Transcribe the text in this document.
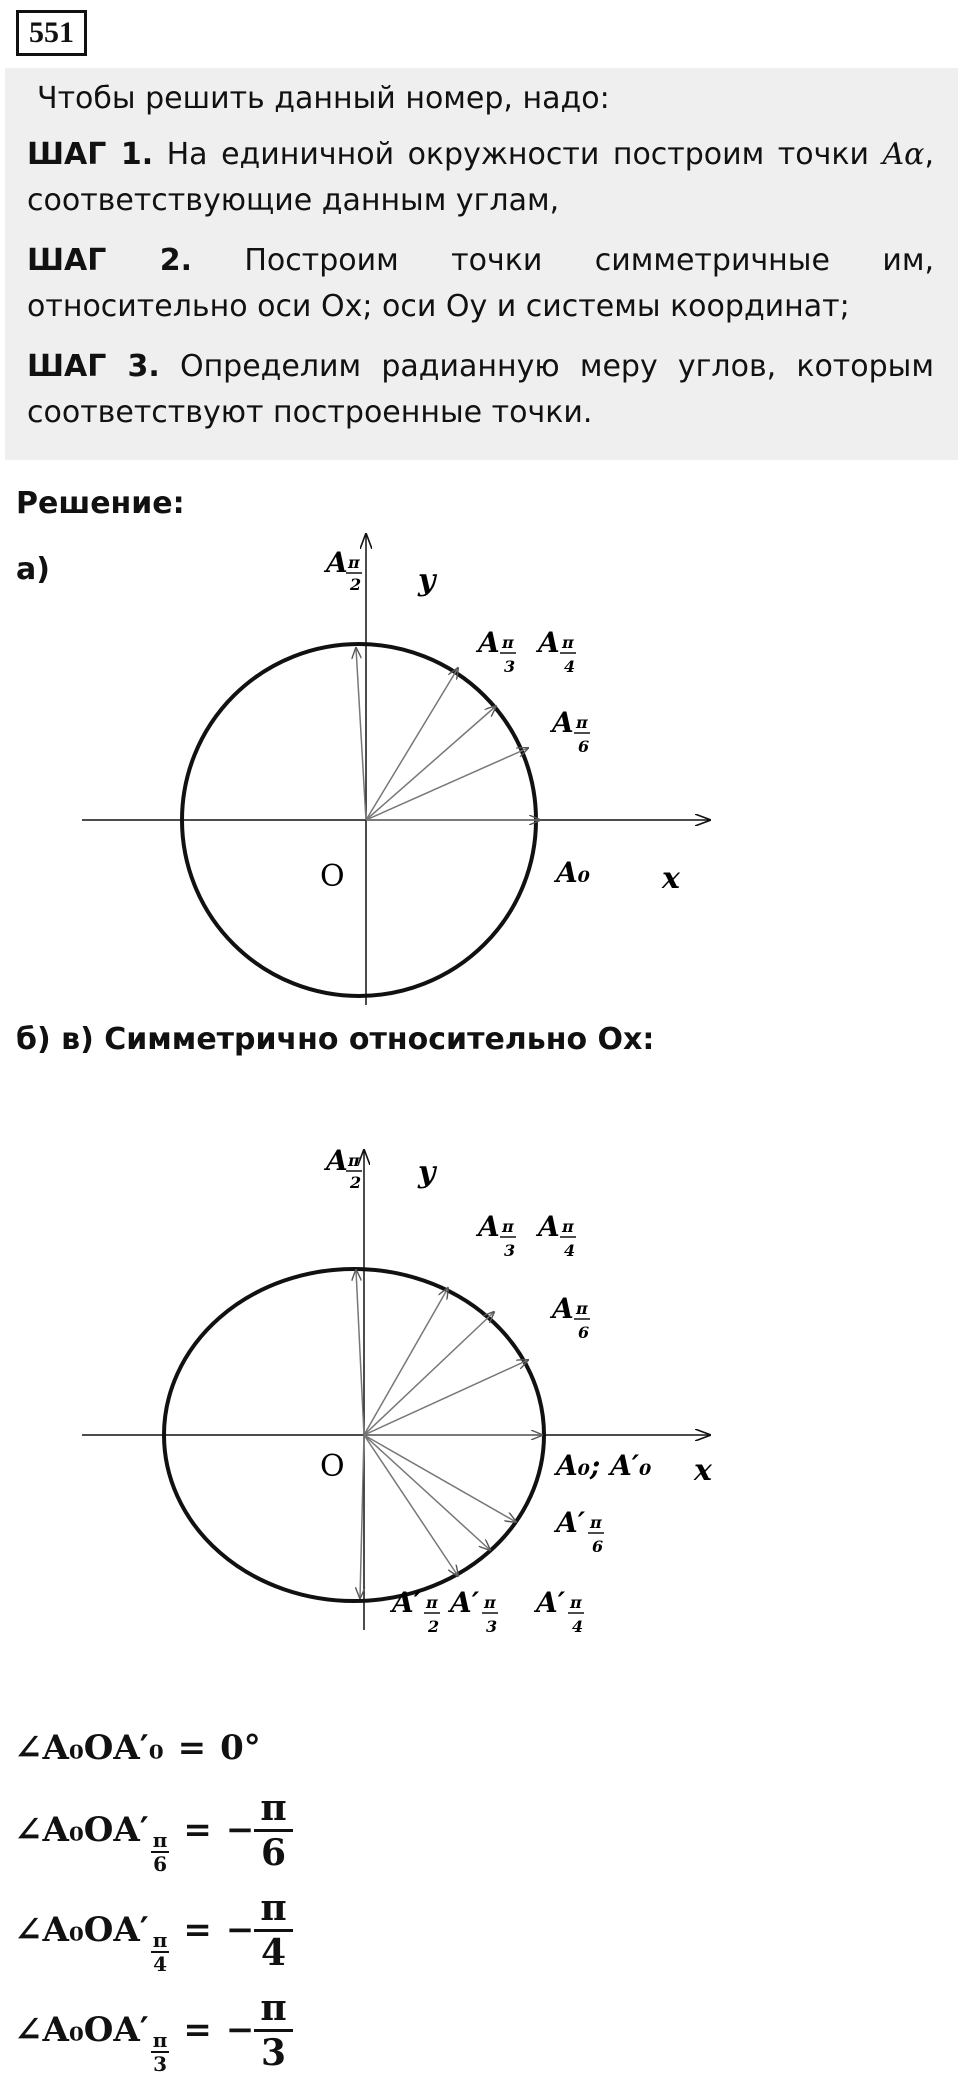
551

Чтобы решить данный номер, надо:

ШАГ 1. На единичной окружности построим точки Aα, соответствующие данным углам,

ШАГ 2. Построим точки симметричные им, относительно оси Ох; оси Оу и системы координат;

ШАГ 3. Определим радианную меру углов, которым соответствуют построенные точки.

Решение:
а)	y
x
O
A π
2
A π
3
A π
4
A π
6
A₀
б) в) Симметрично относительно Ох:
y
x
O
A π
2
A π
3
A π
4
A π
6
A₀; A′₀
A′ π
6
A′ π
2
A′ π
3
A′ π
4
∠A₀OA′₀ = 0°
∠A₀OA′ $\frac{\pi}{6}$ = − $\frac{\pi}{6}$
∠A₀OA′ $\frac{\pi}{4}$ = − $\frac{\pi}{4}$
∠A₀OA′ $\frac{\pi}{3}$ = − $\frac{\pi}{3}$
